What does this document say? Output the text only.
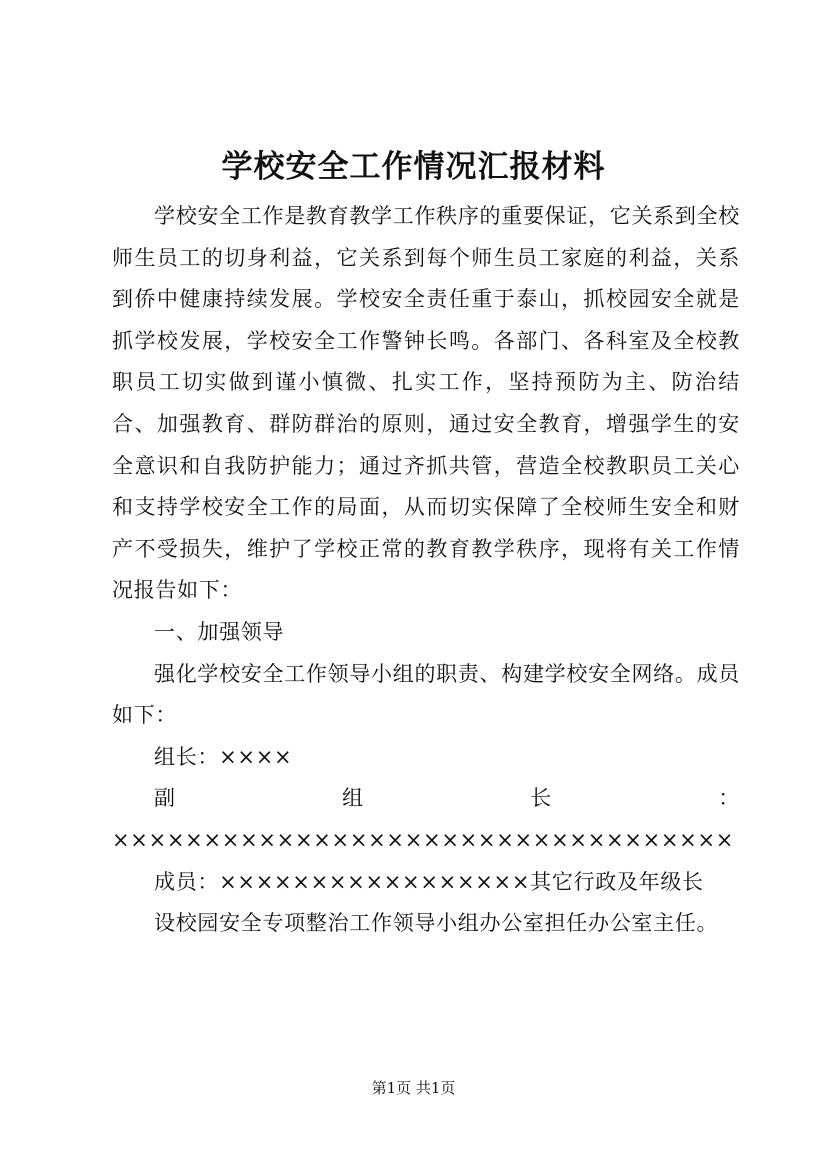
学校安全工作情况汇报材料

学校安全工作是教育教学工作秩序的重要保证，它关系到全校师生员工的切身利益，它关系到每个师生员工家庭的利益，关系到侨中健康持续发展。学校安全责任重于泰山，抓校园安全就是抓学校发展，学校安全工作警钟长鸣。各部门、各科室及全校教职员工切实做到谨小慎微、扎实工作，坚持预防为主、防治结合、加强教育、群防群治的原则，通过安全教育，增强学生的安全意识和自我防护能力；通过齐抓共管，营造全校教职员工关心和支持学校安全工作的局面，从而切实保障了全校师生安全和财产不受损失，维护了学校正常的教育教学秩序，现将有关工作情况报告如下：

一、加强领导

强化学校安全工作领导小组的职责、构建学校安全网络。成员如下：

组长：××××

副 组 长 ：

××××××××××××××××××××××××××××××××××

成员：×××××××××××××××××其它行政及年级长

设校园安全专项整治工作领导小组办公室担任办公室主任。

第1页 共1页
